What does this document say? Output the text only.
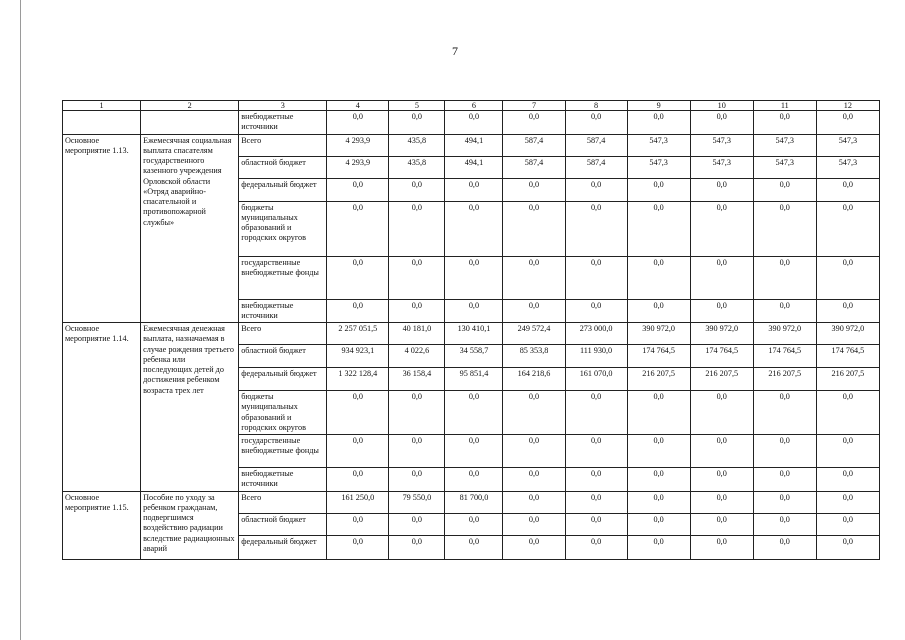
7
1	2	3	4	5	6	7	8	9	10	11	12
		внебюджетные источники	0,0	0,0	0,0	0,0	0,0	0,0	0,0	0,0	0,0
Основное мероприятие 1.13.	Ежемесячная социальная выплата спасателям государственного казенного учреждения Орловской области «Отряд аварийно-спасательной и противопожарной службы»	Всего	4 293,9	435,8	494,1	587,4	587,4	547,3	547,3	547,3	547,3
		областной бюджет	4 293,9	435,8	494,1	587,4	587,4	547,3	547,3	547,3	547,3
		федеральный бюджет	0,0	0,0	0,0	0,0	0,0	0,0	0,0	0,0	0,0
		бюджеты муниципальных образований и городских округов	0,0	0,0	0,0	0,0	0,0	0,0	0,0	0,0	0,0
		государственные внебюджетные фонды	0,0	0,0	0,0	0,0	0,0	0,0	0,0	0,0	0,0
		внебюджетные источники	0,0	0,0	0,0	0,0	0,0	0,0	0,0	0,0	0,0
Основное мероприятие 1.14.	Ежемесячная денежная выплата, назначаемая в случае рождения третьего ребенка или последующих детей до достижения ребенком возраста трех лет	Всего	2 257 051,5	40 181,0	130 410,1	249 572,4	273 000,0	390 972,0	390 972,0	390 972,0	390 972,0
		областной бюджет	934 923,1	4 022,6	34 558,7	85 353,8	111 930,0	174 764,5	174 764,5	174 764,5	174 764,5
		федеральный бюджет	1 322 128,4	36 158,4	95 851,4	164 218,6	161 070,0	216 207,5	216 207,5	216 207,5	216 207,5
		бюджеты муниципальных образований и городских округов	0,0	0,0	0,0	0,0	0,0	0,0	0,0	0,0	0,0
		государственные внебюджетные фонды	0,0	0,0	0,0	0,0	0,0	0,0	0,0	0,0	0,0
		внебюджетные источники	0,0	0,0	0,0	0,0	0,0	0,0	0,0	0,0	0,0
Основное мероприятие 1.15.	Пособие по уходу за ребенком гражданам, подвергшимся воздействию радиации вследствие радиационных аварий	Всего	161 250,0	79 550,0	81 700,0	0,0	0,0	0,0	0,0	0,0	0,0
		областной бюджет	0,0	0,0	0,0	0,0	0,0	0,0	0,0	0,0	0,0
		федеральный бюджет	0,0	0,0	0,0	0,0	0,0	0,0	0,0	0,0	0,0
